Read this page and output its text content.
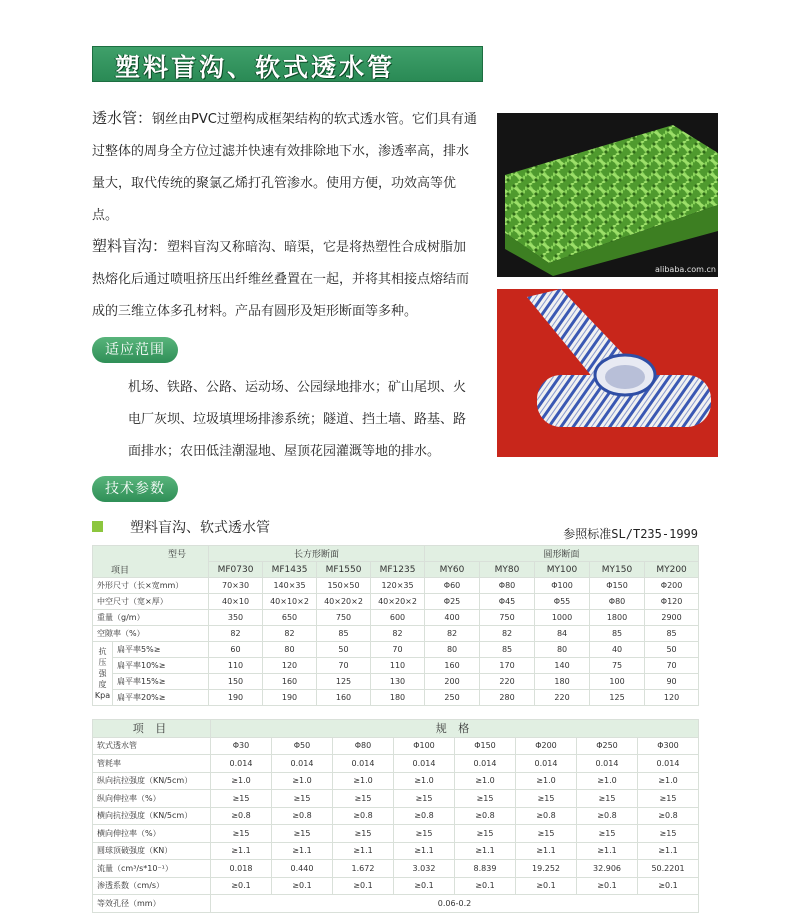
塑料盲沟、软式透水管
透水管：钢丝由PVC过塑构成框架结构的软式透水管。它们具有通过整体的周身全方位过滤并快速有效排除地下水，渗透率高，排水量大，取代传统的聚氯乙烯打孔管渗水。使用方便，功效高等优点。
塑料盲沟：塑料盲沟又称暗沟、暗渠，它是将热塑性合成树脂加热熔化后通过喷咀挤压出纤维丝叠置在一起，并将其相接点熔结而成的三维立体多孔材料。产品有圆形及矩形断面等多种。
alibaba.com.cn
适应范围
机场、铁路、公路、运动场、公园绿地排水；矿山尾坝、火电厂灰坝、垃圾填埋场排渗系统；隧道、挡土墙、路基、路面排水；农田低洼潮湿地、屋顶花园灌溉等地的排水。
技术参数
塑料盲沟、软式透水管	参照标准SL/T235-1999
型号		长方形断面				圆形断面				
项目		MF0730	MF1435	MF1550	MF1235	MY60	MY80	MY100	MY150	MY200
外形尺寸（长×宽mm）		70×30	140×35	150×50	120×35	Φ60	Φ80	Φ100	Φ150	Φ200
中空尺寸（宽×厚）		40×10	40×10×2	40×20×2	40×20×2	Φ25	Φ45	Φ55	Φ80	Φ120
重量（g/m）		350	650	750	600	400	750	1000	1800	2900
空隙率（%）		82	82	85	82	82	82	84	85	85

抗
压
强
度
Kpa	扁平率5%≥	60	80	50	70	80	85	80	40	50
	扁平率10%≥	110	120	70	110	160	170	140	75	70
	扁平率15%≥	150	160	125	130	200	220	180	100	90
	扁平率20%≥	190	190	160	180	250	280	220	125	120
项 目	规 格							
软式透水管	Φ30	Φ50	Φ80	Φ100	Φ150	Φ200	Φ250	Φ300
管耗率	0.014	0.014	0.014	0.014	0.014	0.014	0.014	0.014
纵向抗拉强度（KN/5cm）	≥1.0	≥1.0	≥1.0	≥1.0	≥1.0	≥1.0	≥1.0	≥1.0
纵向伸拉率（%）	≥15	≥15	≥15	≥15	≥15	≥15	≥15	≥15
横向抗拉强度（KN/5cm）	≥0.8	≥0.8	≥0.8	≥0.8	≥0.8	≥0.8	≥0.8	≥0.8
横向伸拉率（%）	≥15	≥15	≥15	≥15	≥15	≥15	≥15	≥15
圆球顶破强度（KN）	≥1.1	≥1.1	≥1.1	≥1.1	≥1.1	≥1.1	≥1.1	≥1.1
流量（cm³/s*10⁻¹）	0.018	0.440	1.672	3.032	8.839	19.252	32.906	50.2201
渗透系数（cm/s）	≥0.1	≥0.1	≥0.1	≥0.1	≥0.1	≥0.1	≥0.1	≥0.1
等效孔径（mm）	0.06-0.2							
